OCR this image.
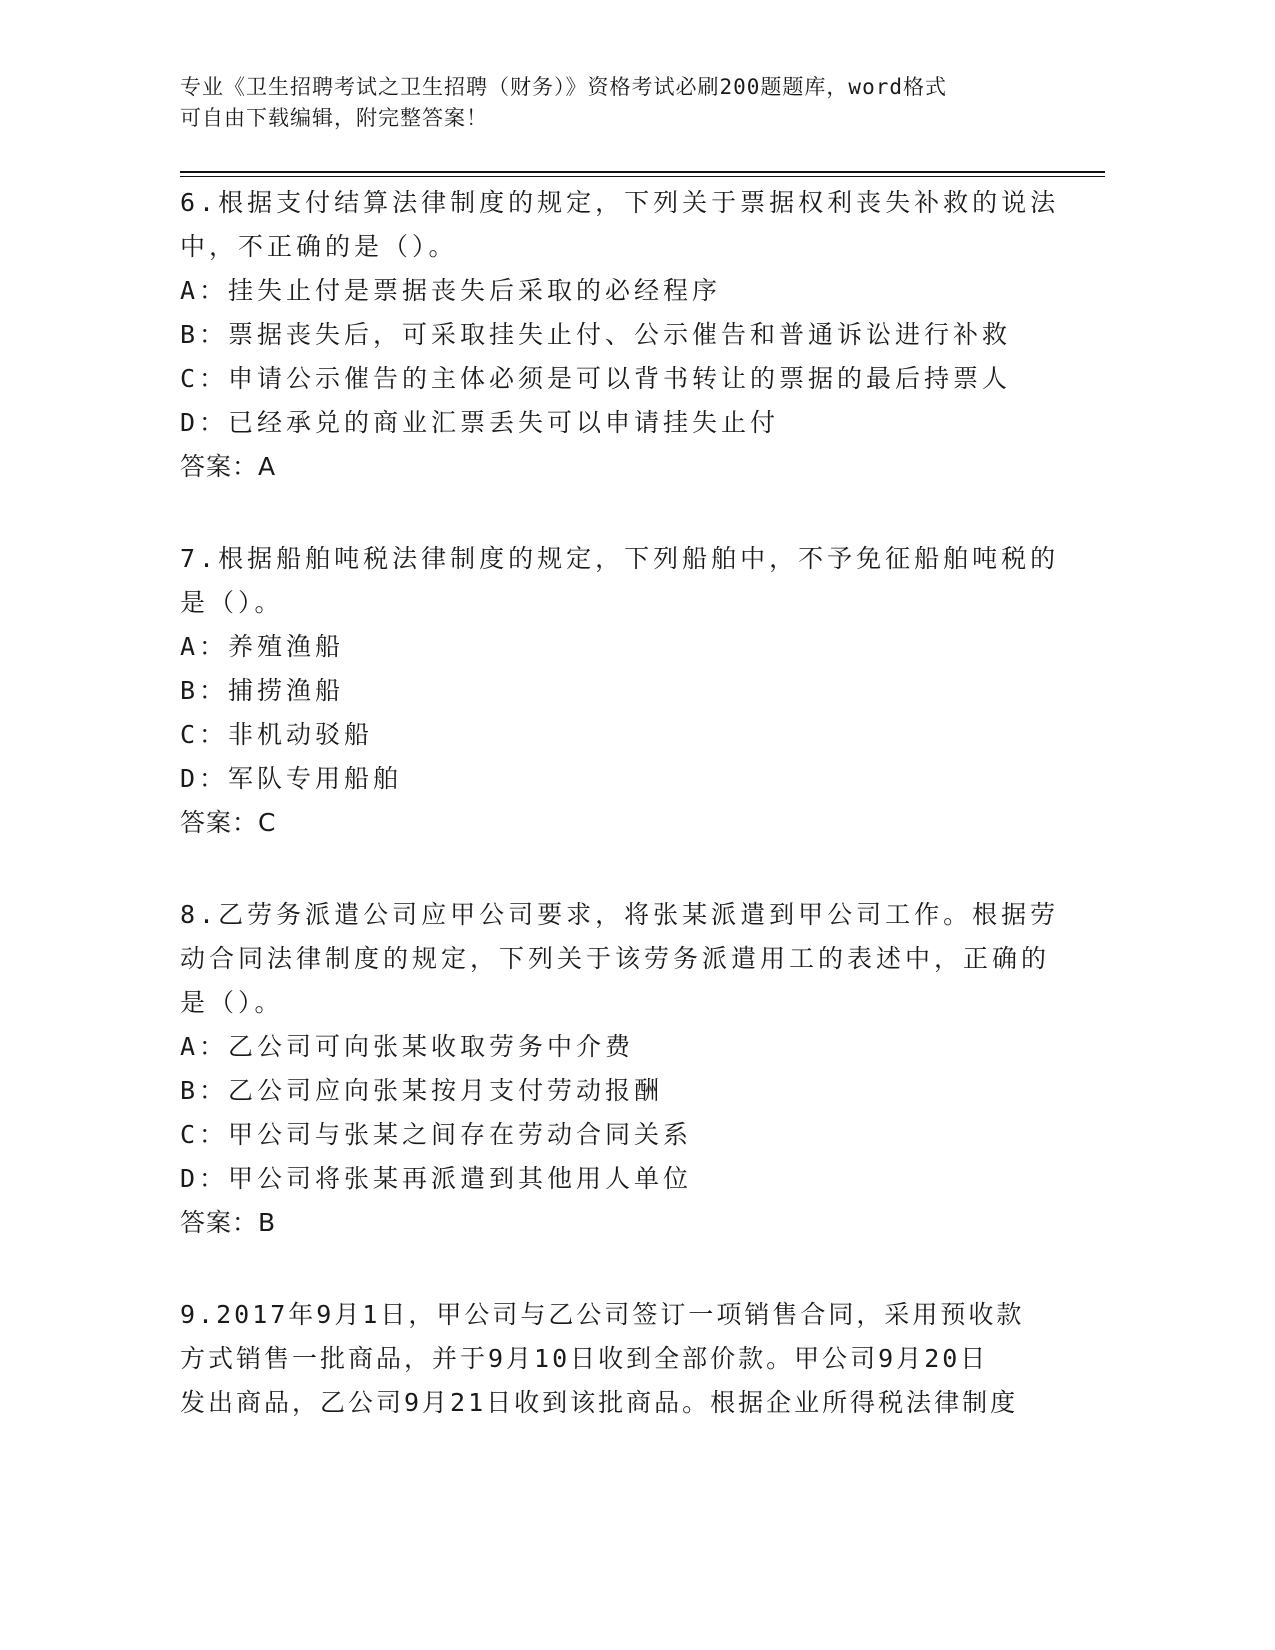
专业《卫生招聘考试之卫生招聘（财务）》资格考试必刷200题题库，word格式
可自由下载编辑，附完整答案！

6.根据支付结算法律制度的规定，下列关于票据权利丧失补救的说法

中，不正确的是（）。

A：挂失止付是票据丧失后采取的必经程序

B：票据丧失后，可采取挂失止付、公示催告和普通诉讼进行补救

C：申请公示催告的主体必须是可以背书转让的票据的最后持票人

D：已经承兑的商业汇票丢失可以申请挂失止付

答案：A

7.根据船舶吨税法律制度的规定，下列船舶中，不予免征船舶吨税的

是（）。

A：养殖渔船

B：捕捞渔船

C：非机动驳船

D：军队专用船舶

答案：C

8.乙劳务派遣公司应甲公司要求，将张某派遣到甲公司工作。根据劳

动合同法律制度的规定，下列关于该劳务派遣用工的表述中，正确的

是（）。

A：乙公司可向张某收取劳务中介费

B：乙公司应向张某按月支付劳动报酬

C：甲公司与张某之间存在劳动合同关系

D：甲公司将张某再派遣到其他用人单位

答案：B

9.2017年9月1日，甲公司与乙公司签订一项销售合同，采用预收款

方式销售一批商品，并于9月10日收到全部价款。甲公司9月20日

发出商品，乙公司9月21日收到该批商品。根据企业所得税法律制度
